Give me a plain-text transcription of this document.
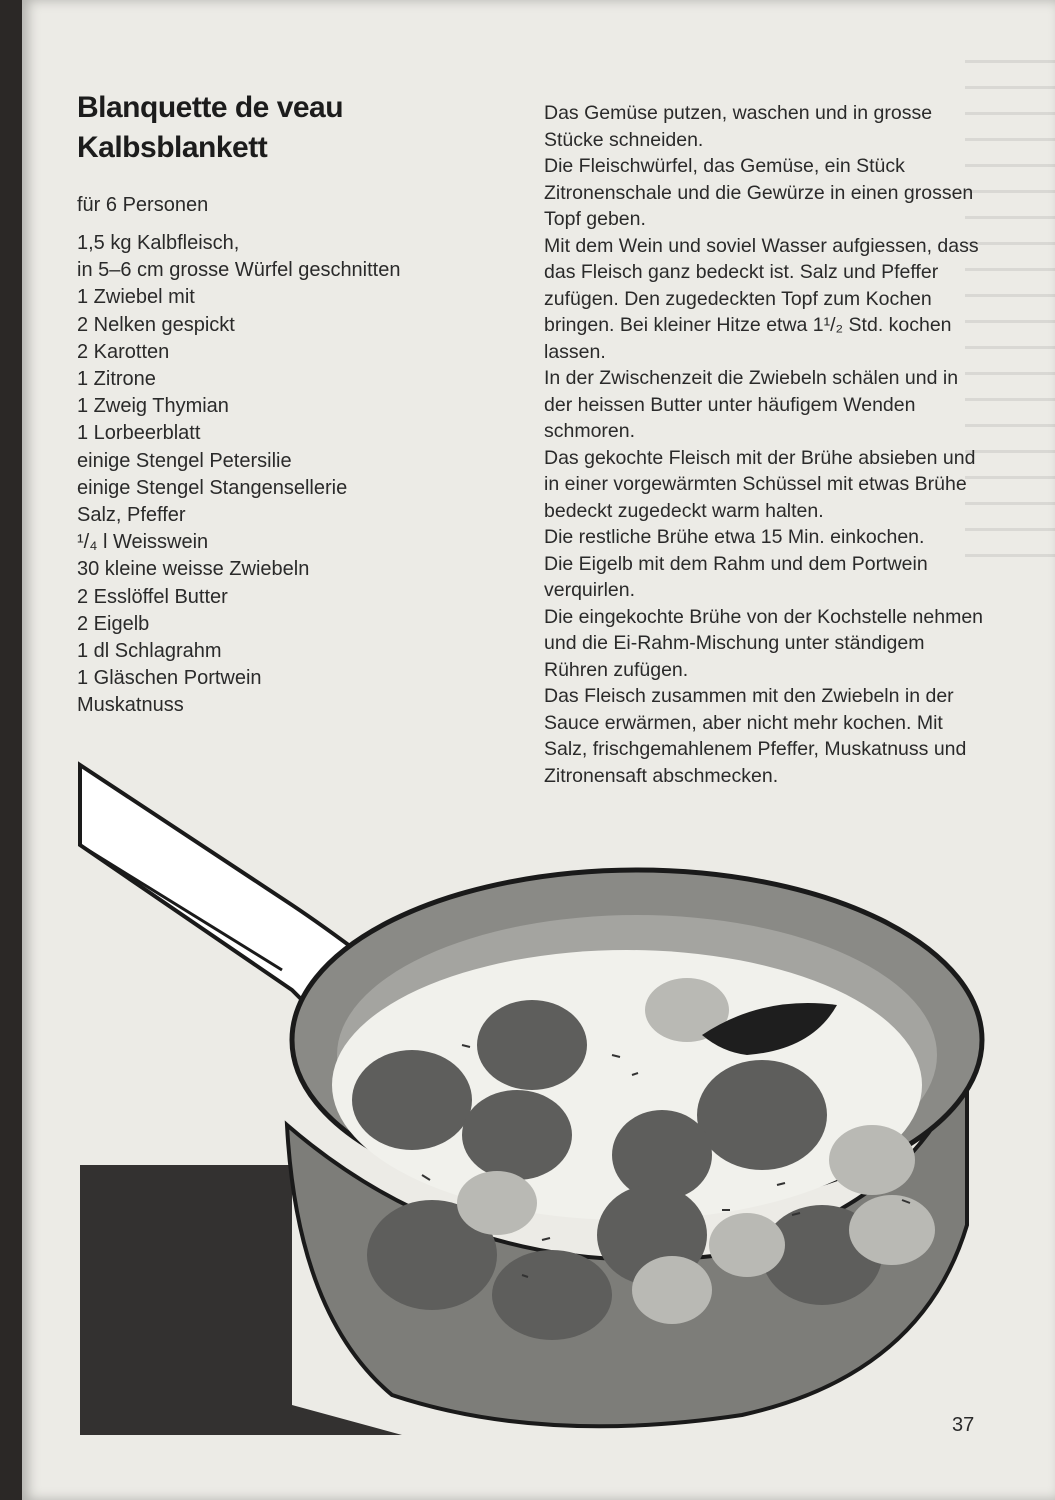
Blanquette de veau
Kalbsblankett
für 6 Personen
1,5 kg Kalbfleisch,
in 5–6 cm grosse Würfel geschnitten
1 Zwiebel mit
2 Nelken gespickt
2 Karotten
1 Zitrone
1 Zweig Thymian
1 Lorbeerblatt
einige Stengel Petersilie
einige Stengel Stangensellerie
Salz, Pfeffer
¹/₄ l Weisswein
30 kleine weisse Zwiebeln
2 Esslöffel Butter
2 Eigelb
1 dl Schlagrahm
1 Gläschen Portwein
Muskatnuss

Das Gemüse putzen, waschen und in grosse Stücke schneiden.

Die Fleischwürfel, das Gemüse, ein Stück Zitronenschale und die Gewürze in einen grossen Topf geben.

Mit dem Wein und soviel Wasser aufgiessen, dass das Fleisch ganz bedeckt ist. Salz und Pfeffer zufügen. Den zugedeckten Topf zum Kochen bringen. Bei kleiner Hitze etwa 1¹/₂ Std. kochen lassen.

In der Zwischenzeit die Zwiebeln schälen und in der heissen Butter unter häufigem Wenden schmoren.

Das gekochte Fleisch mit der Brühe absieben und in einer vorgewärmten Schüssel mit etwas Brühe bedeckt zugedeckt warm halten.

Die restliche Brühe etwa 15 Min. einkochen.

Die Eigelb mit dem Rahm und dem Portwein verquirlen.

Die eingekochte Brühe von der Kochstelle nehmen und die Ei-Rahm-Mischung unter ständigem Rühren zufügen.

Das Fleisch zusammen mit den Zwiebeln in der Sauce erwärmen, aber nicht mehr kochen. Mit Salz, frischgemahlenem Pfeffer, Muskatnuss und Zitronensaft abschmecken.

37
